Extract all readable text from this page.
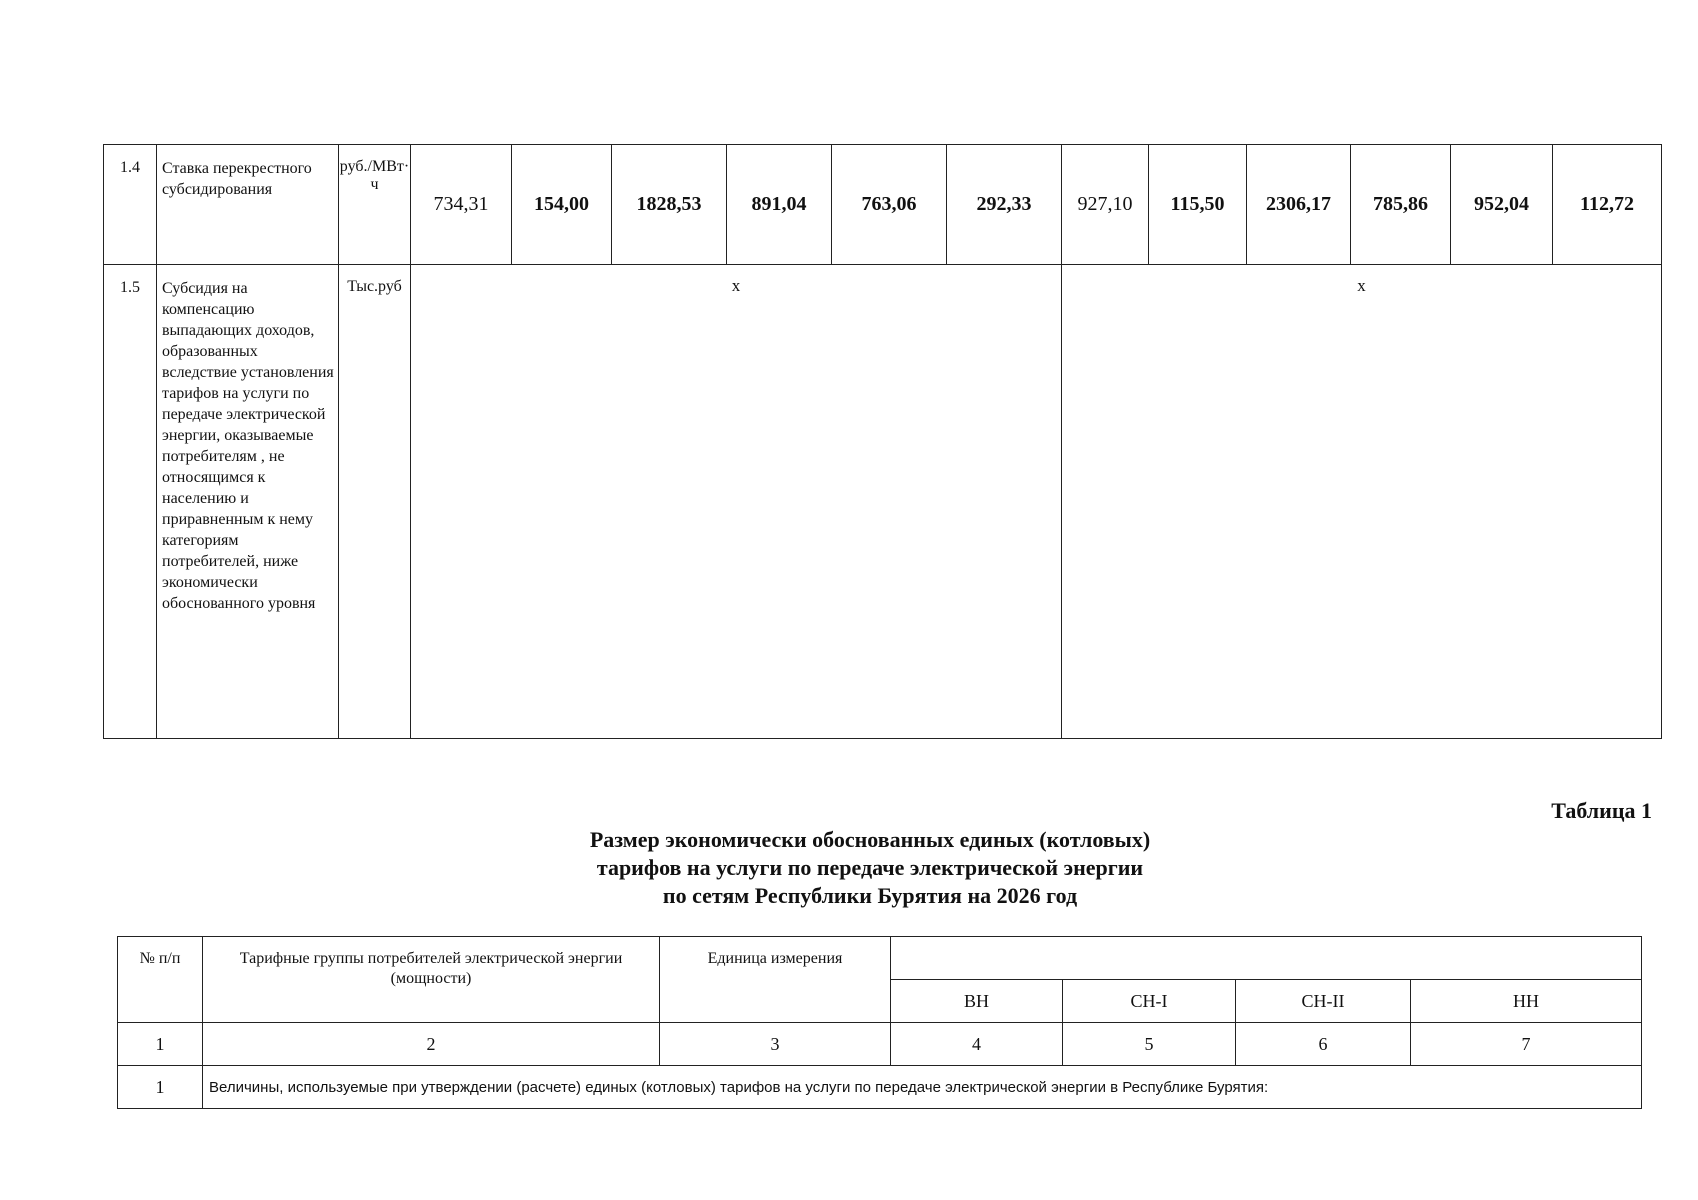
1.4	Ставка перекрестного субсидирования	руб./МВт·ч	734,31	154,00	1828,53	891,04	763,06	292,33	927,10	115,50	2306,17	785,86	952,04	112,72
1.5	Субсидия на компенсацию выпадающих доходов, образованных вследствие установления тарифов на услуги по передаче электрической энергии, оказываемые потребителям , не относящимся к населению и приравненным к нему категориям потребителей, ниже экономически обоснованного уровня	Тыс.руб	x						x					
Таблица 1
Размер экономически обоснованных единых (котловых)
тарифов на услуги по передаче электрической энергии
по сетям Республики Бурятия на 2026 год
№ п/п	Тарифные группы потребителей электрической энергии (мощности)	Единица измерения				
			ВН	СН-I	СН-II	НН
1	2	3	4	5	6	7
1	Величины, используемые при утверждении (расчете) единых (котловых) тарифов на услуги по передаче электрической энергии в Республике Бурятия:					
